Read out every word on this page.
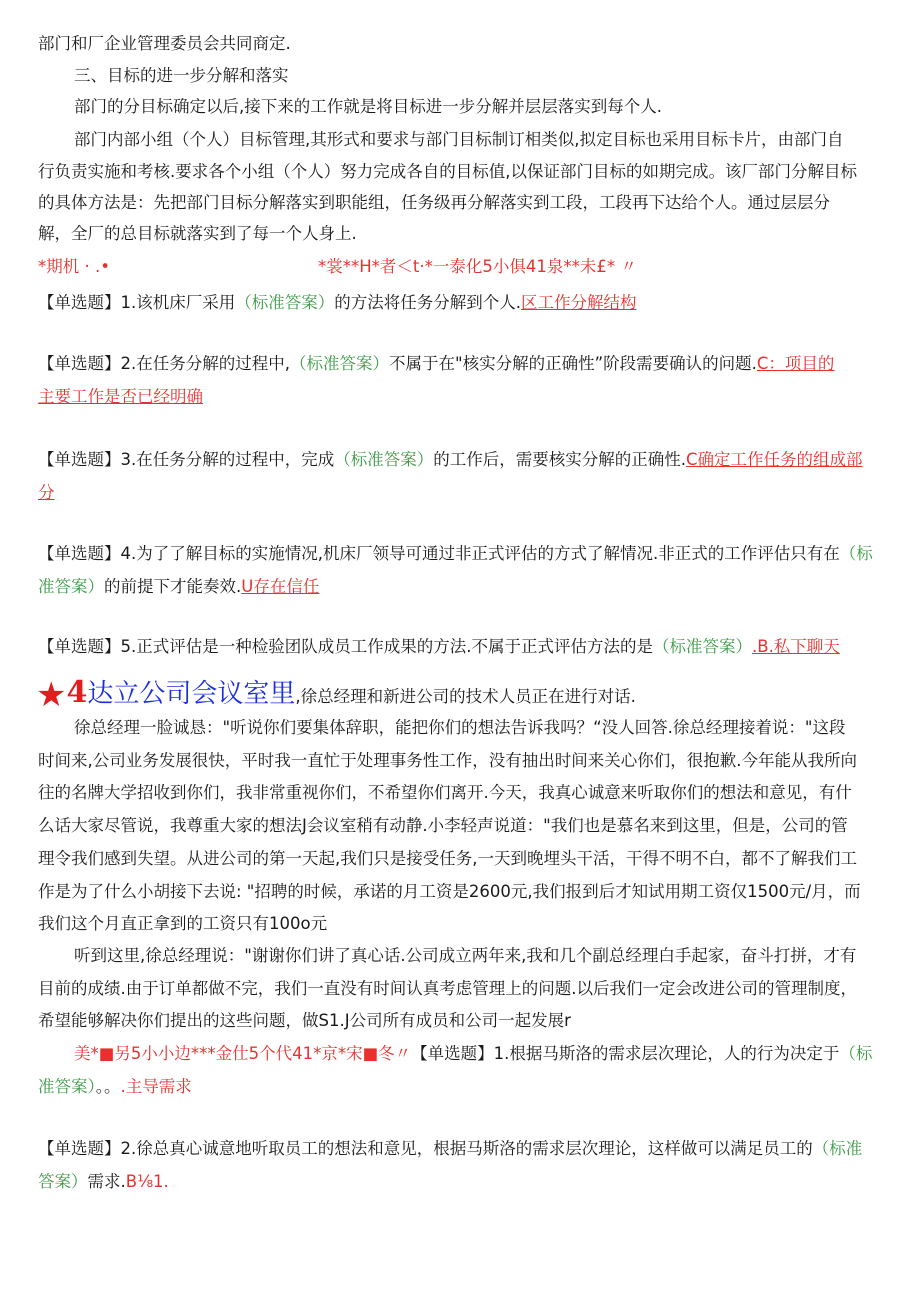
部门和厂企业管理委员会共同商定.
三、目标的进一步分解和落实
部门的分目标确定以后,接下来的工作就是将目标进一步分解并层层落实到每个人.
部门内部小组（个人）目标管理,其形式和要求与部门目标制订相类似,拟定目标也采用目标卡片，由部门自
行负责实施和考核.要求各个小组（个人）努力完成各自的目标值,以保证部门目标的如期完成。该厂部门分解目标
的具体方法是：先把部门目标分解落实到职能组，任务级再分解落实到工段，工段再下达给个人。通过层层分
解，全厂的总目标就落实到了每一个人身上.
*期机 · .•	*裳**H*者＜t·*一泰化5小俱41泉**未£* 〃
【单选题】1.该机床厂采用（标准答案）的方法将任务分解到个人.区工作分解结构
【单选题】2.在任务分解的过程中,（标准答案）不属于在"核实分解的正确性”阶段需要确认的问题.C：项目的
主要工作是否已经明确
【单选题】3.在任务分解的过程中，完成（标准答案）的工作后，需要核实分解的正确性.C确定工作任务的组成部
分
【单选题】4.为了了解目标的实施情况,机床厂领导可通过非正式评估的方式了解情况.非正式的工作评估只有在（标
准答案）的前提下才能奏效.U存在信任
【单选题】5.正式评估是一种检验团队成员工作成果的方法.不属于正式评估方法的是（标准答案）.B.私下聊天
★4达立公司会议室里,徐总经理和新进公司的技术人员正在进行对话.
徐总经理一脸诚恳："听说你们要集体辞职，能把你们的想法告诉我吗？“没人回答.徐总经理接着说："这段
时间来,公司业务发展很快，平时我一直忙于处理事务性工作，没有抽出时间来关心你们，很抱歉.今年能从我所向
往的名牌大学招收到你们，我非常重视你们，不希望你们离开.今天，我真心诚意来听取你们的想法和意见，有什
么话大家尽管说，我尊重大家的想法J会议室稍有动静.小李轻声说道："我们也是慕名来到这里，但是，公司的管
理令我们感到失望。从进公司的第一天起,我们只是接受任务,一天到晚埋头干活，干得不明不白，都不了解我们工
作是为了什么小胡接下去说: "招聘的时候，承诺的月工资是2600元,我们报到后才知试用期工资仅1500元/月，而
我们这个月直正拿到的工资只有100o元
听到这里,徐总经理说："谢谢你们讲了真心话.公司成立两年来,我和几个副总经理白手起家，奋斗打拼，才有
目前的成绩.由于订单都做不完，我们一直没有时间认真考虑管理上的问题.以后我们一定会改进公司的管理制度，
希望能够解决你们提出的这些问题，做S1.J公司所有成员和公司一起发展r
美*■另5小小边***金仕5个代41*京*宋■冬〃【单选题】1.根据马斯洛的需求层次理论，人的行为决定于（标
准答案）。。.主导需求
【单选题】2.徐总真心诚意地听取员工的想法和意见，根据马斯洛的需求层次理论，这样做可以满足员工的（标准
答案）需求.B⅛1.
